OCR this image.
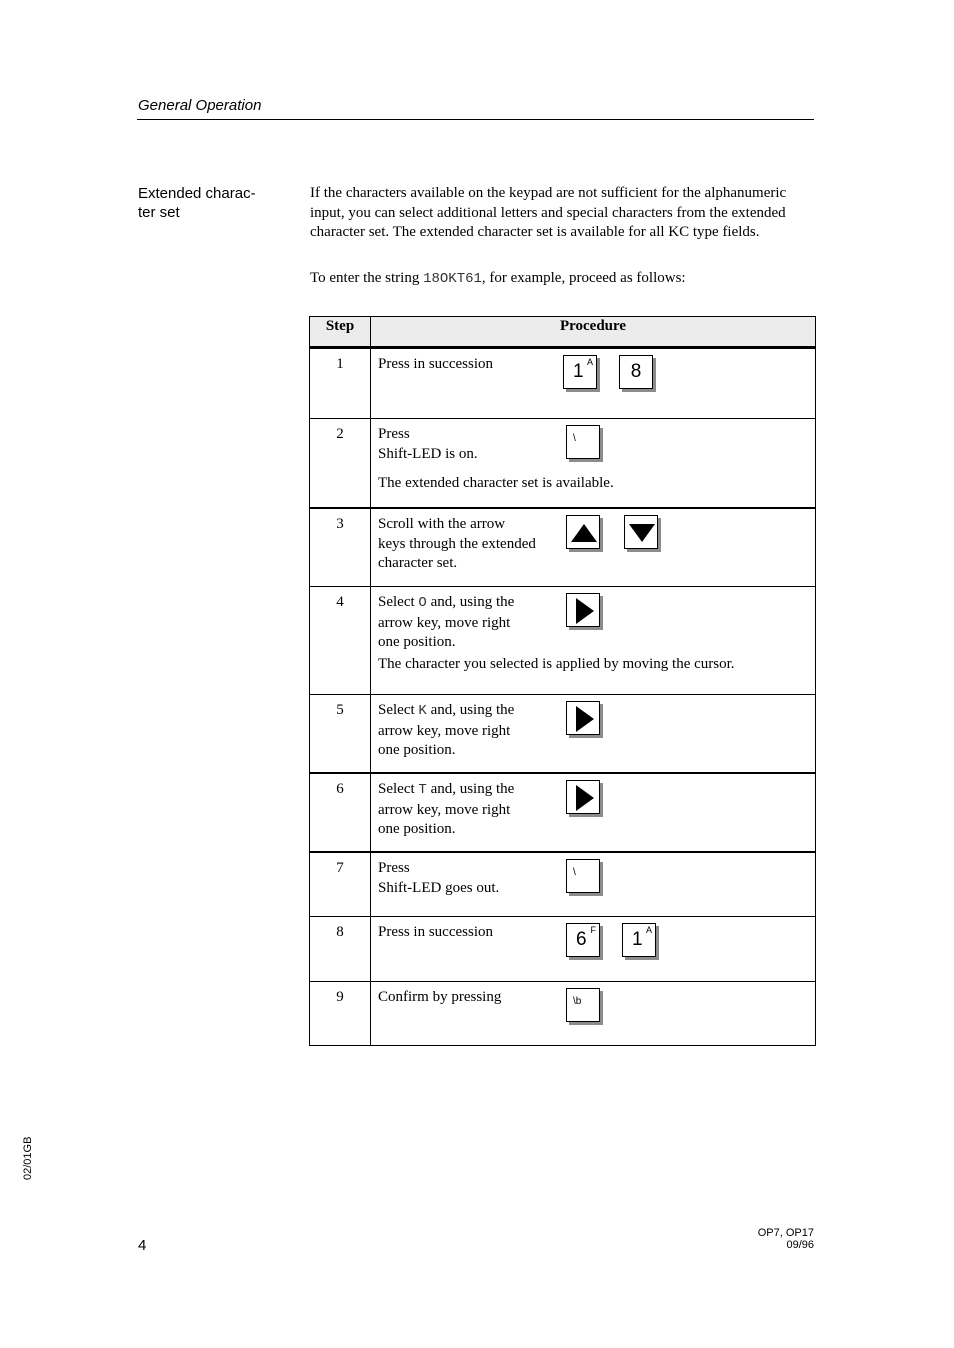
General Operation
Extended charac-
ter set
If the characters available on the keypad are not sufficient for the alphanumeric input, you can select additional letters and special characters from the extended character set. The extended character set is available for all KC type fields.
To enter the string 18OKT61, for example, proceed as follows:
Step	Procedure
1	Press in succession 1 A 8

2	Press
Shift-LED is on.
\
The extended character set is available.

3	Scroll with the arrow
keys through the extended
character set.

4	Select O and, using the
arrow key, move right
one position.
The character you selected is applied by moving the cursor.

5	Select K and, using the
arrow key, move right
one position.

6	Select T and, using the
arrow key, move right
one position.

7	Press
Shift-LED goes out.
\

8	Press in succession 6 F 1 A

9	Confirm by pressing \b
02/01GB
4
OP7, OP17
09/96
